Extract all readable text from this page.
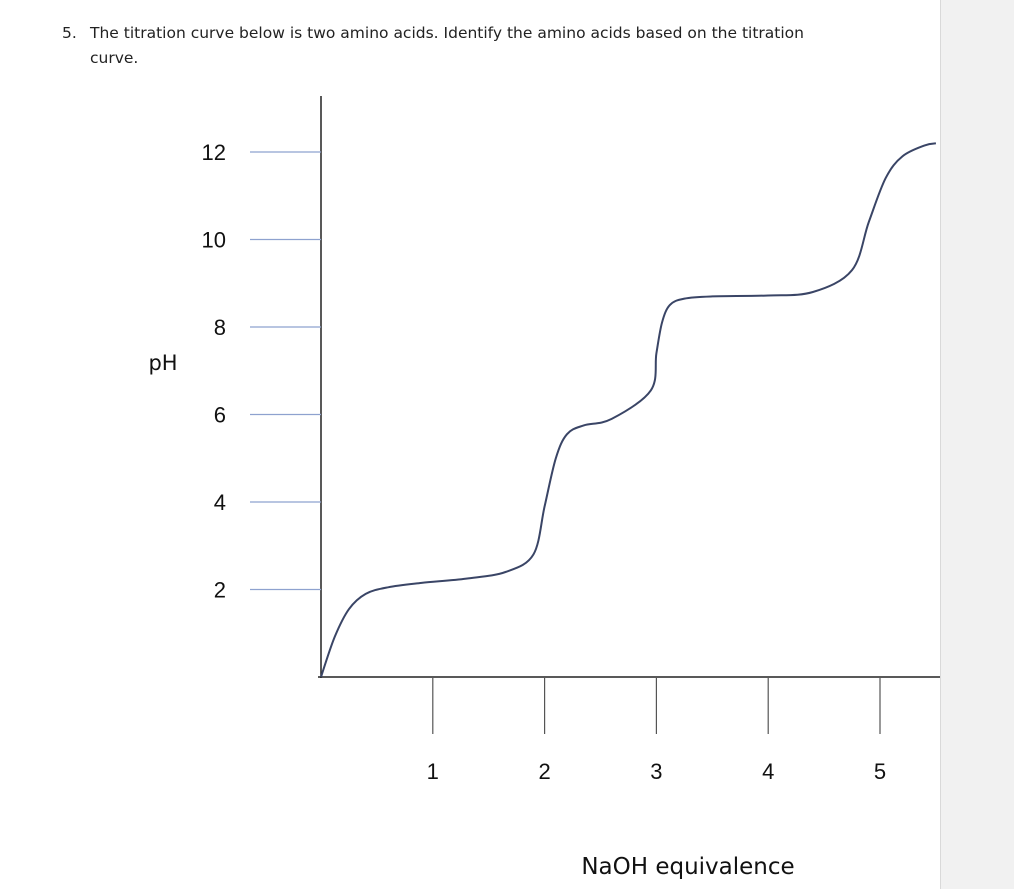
5. The titration curve below is two amino acids. Identify the amino acids based on the titration curve.
2
4
6
8
10
12
1	2	3	4	5
pH
NaOH equivalence
